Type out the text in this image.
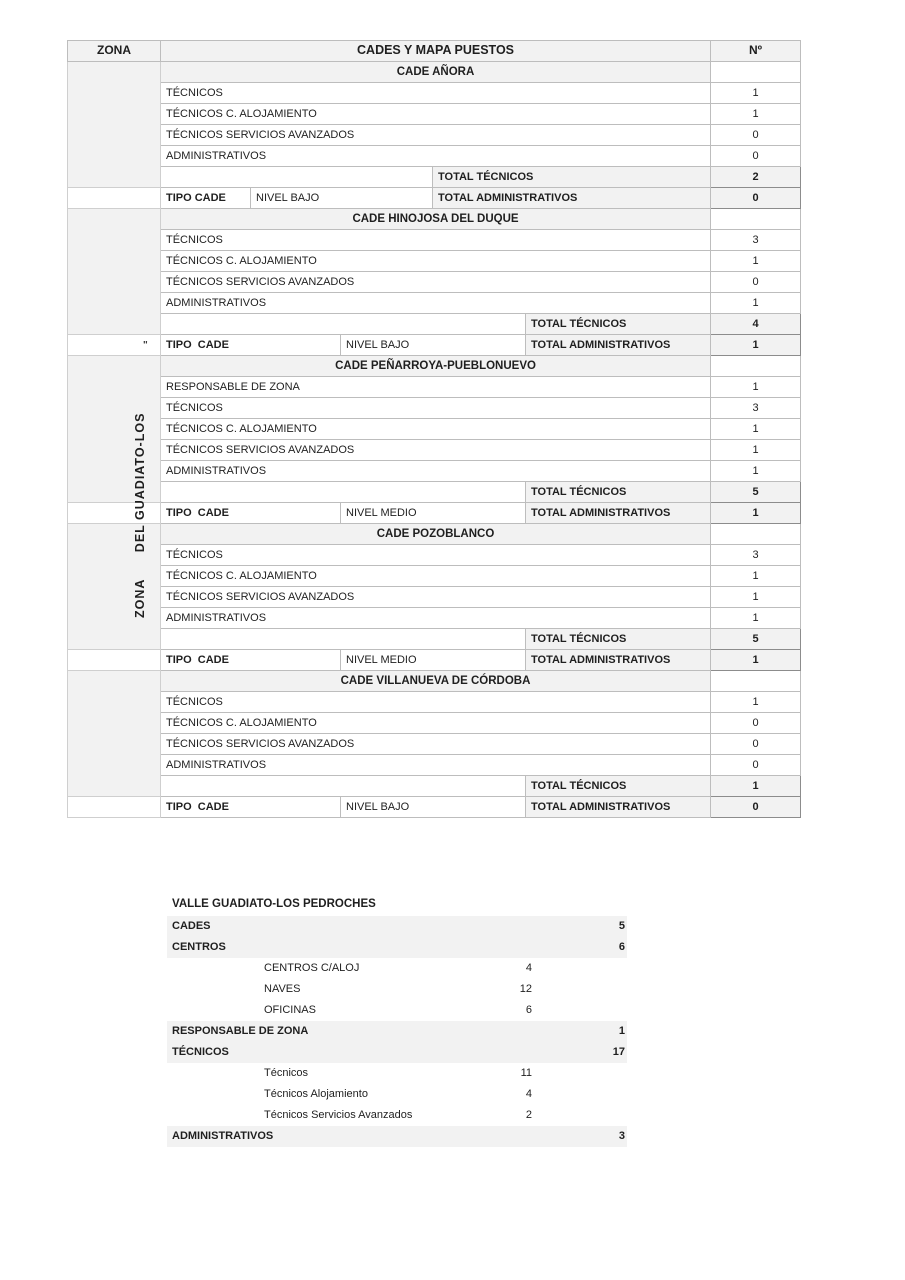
ZONA	CADES Y MAPA PUESTOS					Nº
	CADE AÑORA					
	TÉCNICOS					1
	TÉCNICOS C. ALOJAMIENTO					1
	TÉCNICOS SERVICIOS AVANZADOS					0
	ADMINISTRATIVOS					0
				TOTAL TÉCNICOS		2
	TIPO CADE	NIVEL BAJO		TOTAL ADMINISTRATIVOS		0
	CADE HINOJOSA DEL DUQUE					
	TÉCNICOS					3
	TÉCNICOS C. ALOJAMIENTO					1
	TÉCNICOS SERVICIOS AVANZADOS					0
	ADMINISTRATIVOS					1
					TOTAL TÉCNICOS	4
	TIPO  CADE		NIVEL BAJO		TOTAL ADMINISTRATIVOS	1
	CADE PEÑARROYA-PUEBLONUEVO					
	RESPONSABLE DE ZONA					1
	TÉCNICOS					3
	TÉCNICOS C. ALOJAMIENTO					1
	TÉCNICOS SERVICIOS AVANZADOS					1
	ADMINISTRATIVOS					1
					TOTAL TÉCNICOS	5
	TIPO  CADE		NIVEL MEDIO		TOTAL ADMINISTRATIVOS	1
	CADE POZOBLANCO					
	TÉCNICOS					3
	TÉCNICOS C. ALOJAMIENTO					1
	TÉCNICOS SERVICIOS AVANZADOS					1
	ADMINISTRATIVOS					1
					TOTAL TÉCNICOS	5
	TIPO  CADE		NIVEL MEDIO		TOTAL ADMINISTRATIVOS	1
	CADE VILLANUEVA DE CÓRDOBA					
	TÉCNICOS					1
	TÉCNICOS C. ALOJAMIENTO					0
	TÉCNICOS SERVICIOS AVANZADOS					0
	ADMINISTRATIVOS					0
					TOTAL TÉCNICOS	1
	TIPO  CADE		NIVEL BAJO		TOTAL ADMINISTRATIVOS	0
ZONA      DEL GUADIATO-LOS
"
VALLE GUADIATO-LOS PEDROCHES
CADES	5
CENTROS	6
CENTROS C/ALOJ	4
NAVES	12
OFICINAS	6
RESPONSABLE DE ZONA	1
TÉCNICOS	17
Técnicos	11
Técnicos Alojamiento	4
Técnicos Servicios Avanzados	2
ADMINISTRATIVOS	3
